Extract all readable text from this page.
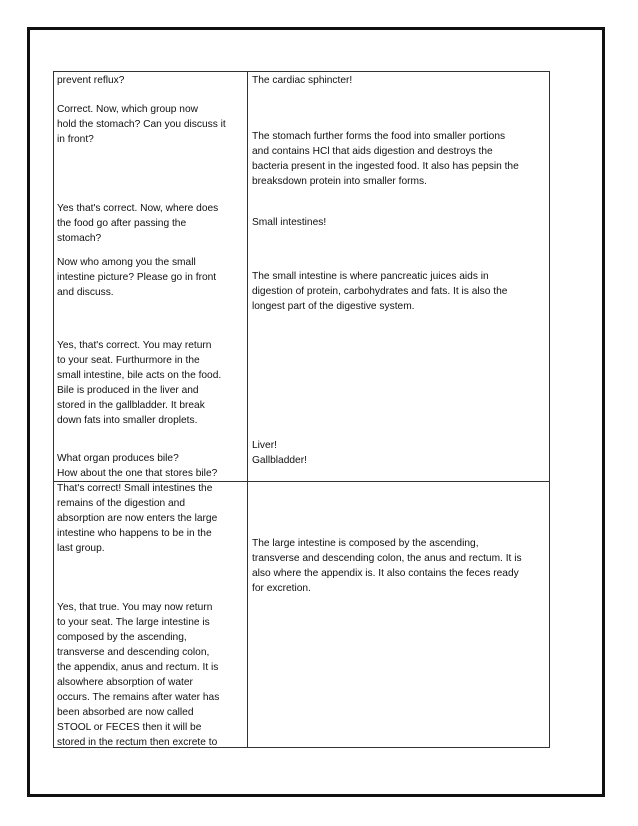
prevent reflux?
Correct. Now, which group now
hold the stomach? Can you discuss it
in front?
Yes that's correct. Now, where does
the food go after passing the
stomach?
Now who among you the small
intestine picture? Please go in front
and discuss.
Yes, that's correct. You may return
to your seat. Furthurmore in the
small intestine, bile acts on the food.
Bile is produced in the liver and
stored in the gallbladder. It break
down fats into smaller droplets.
What organ produces bile?
How about the one that stores bile?
The cardiac sphincter!
The stomach further forms the food into smaller portions
and contains HCl that aids digestion and destroys the
bacteria present in the ingested food. It also has pepsin the
breaksdown protein into smaller forms.
Small intestines!
The small intestine is where pancreatic juices aids in
digestion of protein, carbohydrates and fats. It is also the
longest part of the digestive system.
Liver!
Gallbladder!
That's correct! Small intestines the
remains of the digestion and
absorption are now enters the large
intestine who happens to be in the
last group.
Yes, that true. You may now return
to your seat. The large intestine is
composed by the ascending,
transverse and descending colon,
the appendix, anus and rectum. It is
alsowhere absorption of water
occurs. The remains after water has
been absorbed are now called
STOOL or FECES then it will be
stored in the rectum then excrete to
The large intestine is composed by the ascending,
transverse and descending colon, the anus and rectum. It is
also where the appendix is. It also contains the feces ready
for excretion.
